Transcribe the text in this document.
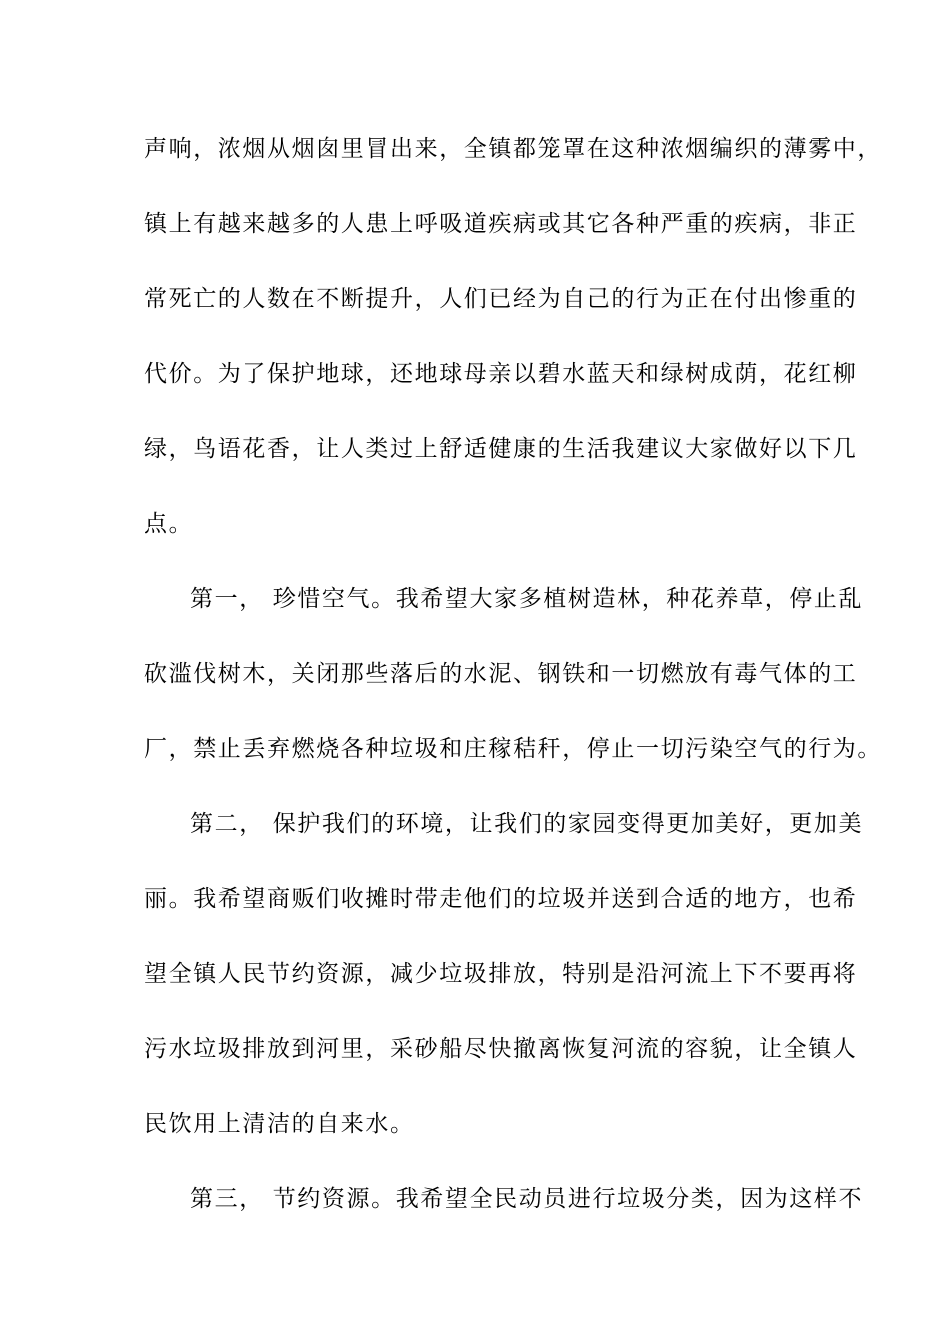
声响，浓烟从烟囱里冒出来，全镇都笼罩在这种浓烟编织的薄雾中，
镇上有越来越多的人患上呼吸道疾病或其它各种严重的疾病，非正
常死亡的人数在不断提升，人们已经为自己的行为正在付出惨重的
代价。为了保护地球，还地球母亲以碧水蓝天和绿树成荫，花红柳
绿，鸟语花香，让人类过上舒适健康的生活我建议大家做好以下几
点。
第一， 珍惜空气。我希望大家多植树造林，种花养草，停止乱
砍滥伐树木，关闭那些落后的水泥、钢铁和一切燃放有毒气体的工
厂，禁止丢弃燃烧各种垃圾和庄稼秸秆，停止一切污染空气的行为。
第二， 保护我们的环境，让我们的家园变得更加美好，更加美
丽。我希望商贩们收摊时带走他们的垃圾并送到合适的地方，也希
望全镇人民节约资源，减少垃圾排放，特别是沿河流上下不要再将
污水垃圾排放到河里，采砂船尽快撤离恢复河流的容貌，让全镇人
民饮用上清洁的自来水。
第三， 节约资源。我希望全民动员进行垃圾分类，因为这样不
